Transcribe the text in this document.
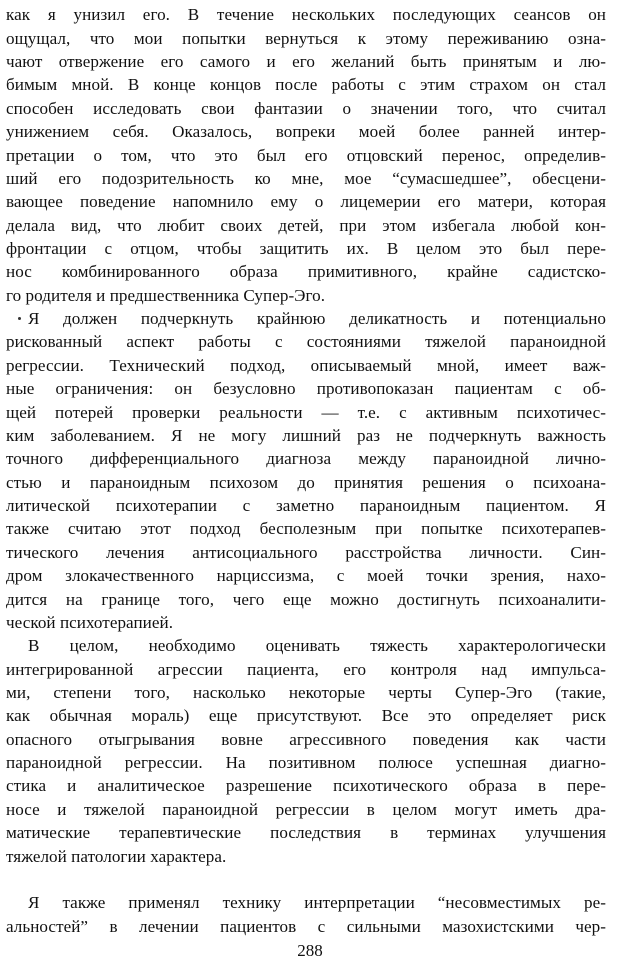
как я унизил его. В течение нескольких последующих сеансов он
ощущал, что мои попытки вернуться к этому переживанию озна-
чают отвержение его самого и его желаний быть принятым и лю-
бимым мной. В конце концов после работы с этим страхом он стал
способен исследовать свои фантазии о значении того, что считал
унижением себя. Оказалось, вопреки моей более ранней интер-
претации о том, что это был его отцовский перенос, определив-
ший его подозрительность ко мне, мое “сумасшедшее”, обесцени-
вающее поведение напомнило ему о лицемерии его матери, которая
делала вид, что любит своих детей, при этом избегала любой кон-
фронтации с отцом, чтобы защитить их. В целом это был пере-
нос комбинированного образа примитивного, крайне садистско-
го родителя и предшественника Супер-Эго.
Я должен подчеркнуть крайнюю деликатность и потенциально
рискованный аспект работы с состояниями тяжелой параноидной
регрессии. Технический подход, описываемый мной, имеет важ-
ные ограничения: он безусловно противопоказан пациентам с об-
щей потерей проверки реальности — т.е. с активным психотичес-
ким заболеванием. Я не могу лишний раз не подчеркнуть важность
точного дифференциального диагноза между параноидной лично-
стью и параноидным психозом до принятия решения о психоана-
литической психотерапии с заметно параноидным пациентом. Я
также считаю этот подход бесполезным при попытке психотерапев-
тического лечения антисоциального расстройства личности. Син-
дром злокачественного нарциссизма, с моей точки зрения, нахо-
дится на границе того, чего еще можно достигнуть психоаналити-
ческой психотерапией.
В целом, необходимо оценивать тяжесть характерологически
интегрированной агрессии пациента, его контроля над импульса-
ми, степени того, насколько некоторые черты Супер-Эго (такие,
как обычная мораль) еще присутствуют. Все это определяет риск
опасного отыгрывания вовне агрессивного поведения как части
параноидной регрессии. На позитивном полюсе успешная диагно-
стика и аналитическое разрешение психотического образа в пере-
носе и тяжелой параноидной регрессии в целом могут иметь дра-
матические терапевтические последствия в терминах улучшения
тяжелой патологии характера.
Я также применял технику интерпретации “несовместимых ре-
альностей” в лечении пациентов с сильными мазохистскими чер-
288
